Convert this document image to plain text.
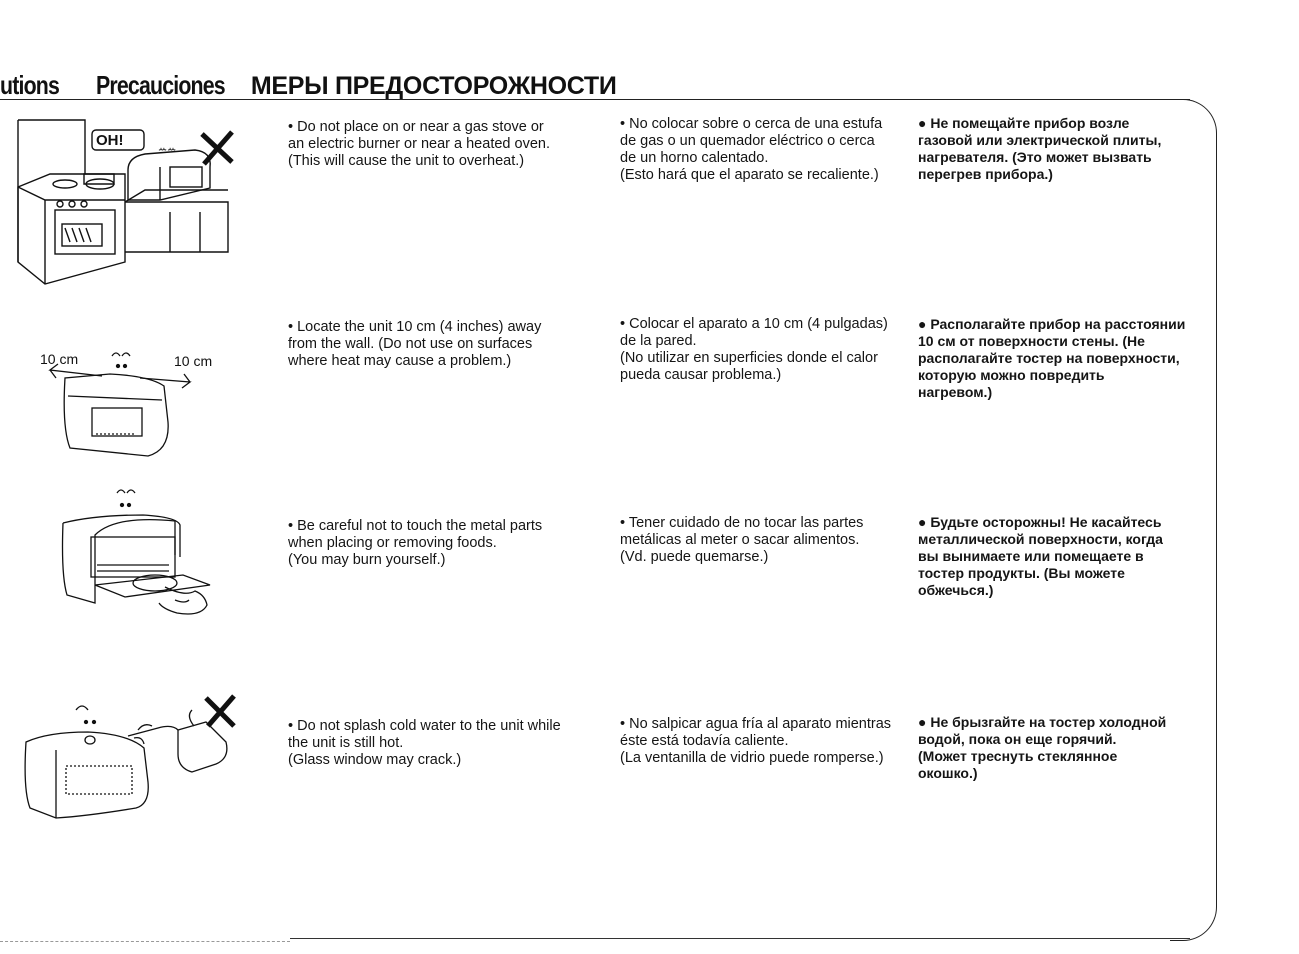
utions Precauciones МЕРЫ ПРЕДОСТОРОЖНОСТИ
ꕀꕀ
OH!
10 cm	10 cm
• Do not place on or near a gas stove or
an electric burner or near a heated oven.
(This will cause the unit to overheat.)
• No colocar sobre o cerca de una estufa
de gas o un quemador eléctrico o cerca
de un horno calentado.
(Esto hará que el aparato se recaliente.)
● Не помещайте прибор возле
газовой или электрической плиты,
нагревателя. (Это может вызвать
перегрев прибора.)
• Locate the unit 10 cm (4 inches) away
from the wall. (Do not use on surfaces
where heat may cause a problem.)
• Colocar el aparato a 10 cm (4 pulgadas)
de la pared.
(No utilizar en superficies donde el calor
pueda causar problema.)
● Располагайте прибор на расстоянии
10 см от поверхности стены. (Не
располагайте тостер на поверхности,
которую можно повредить
нагревом.)
• Be careful not to touch the metal parts
when placing or removing foods.
(You may burn yourself.)
• Tener cuidado de no tocar las partes
metálicas al meter o sacar alimentos.
(Vd. puede quemarse.)
● Будьте осторожны! Не касайтесь
металлической поверхности, когда
вы вынимаете или помещаете в
тостер продукты. (Вы можете
обжечься.)
• Do not splash cold water to the unit while
the unit is still hot.
(Glass window may crack.)
• No salpicar agua fría al aparato mientras
éste está todavía caliente.
(La ventanilla de vidrio puede romperse.)
● Не брызгайте на тостер холодной
водой, пока он еще горячий.
(Может треснуть стеклянное
окошко.)
